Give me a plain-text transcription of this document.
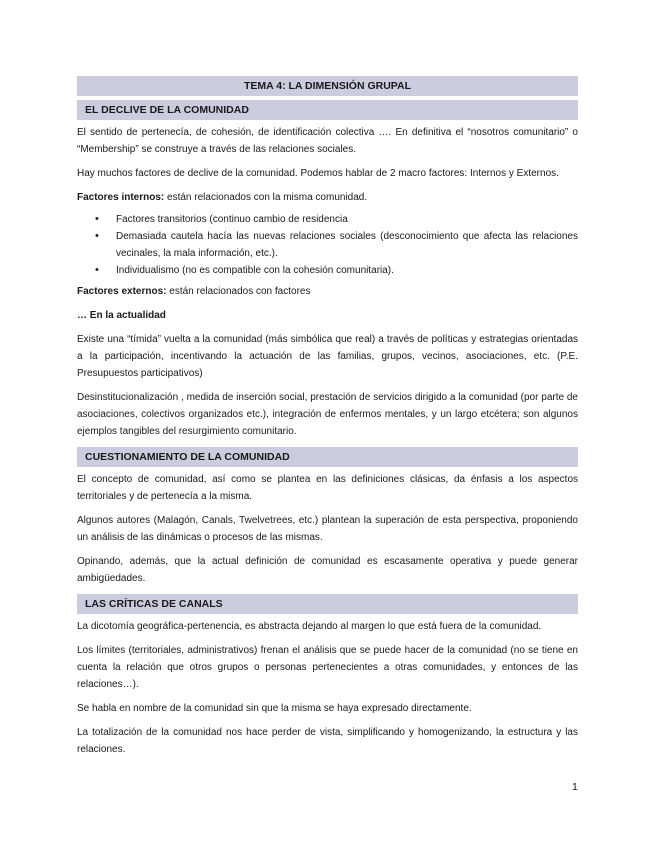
TEMA 4: LA DIMENSIÓN GRUPAL
EL DECLIVE DE LA COMUNIDAD

El sentido de pertenecía, de cohesión, de identificación colectiva …. En definitiva el “nosotros comunitario” o “Membership” se construye a través de las relaciones sociales.

Hay muchos factores de declive de la comunidad. Podemos hablar de 2 macro factores: Internos y Externos.

Factores internos: están relacionados con la misma comunidad.

• Factores transitorios (continuo cambio de residencia
• Demasiada cautela hacía las nuevas relaciones sociales (desconocimiento que afecta las relaciones vecinales, la mala información, etc.).
• Individualismo (no es compatible con la cohesión comunitaria).

Factores externos: están relacionados con factores

… En la actualidad

Existe una “tímida” vuelta a la comunidad (más simbólica que real) a través de políticas y estrategias orientadas a la participación, incentivando la actuación de las familias, grupos, vecinos, asociaciones, etc. (P.E. Presupuestos participativos)

Desinstitucionalización , medida de inserción social, prestación de servicios dirigido a la comunidad (por parte de asociaciones, colectivos organizados etc.), integración de enfermos mentales, y un largo etcétera; son algunos ejemplos tangibles del resurgimiento comunitario.

CUESTIONAMIENTO DE LA COMUNIDAD

El concepto de comunidad, así como se plantea en las definiciones clásicas, da énfasis a los aspectos territoriales y de pertenecía a la misma.

Algunos autores (Malagón, Canals, Twelvetrees, etc.) plantean la superación de esta perspectiva, proponiendo un análisis de las dinámicas o procesos de las mismas.

Opinando, además, que la actual definición de comunidad es escasamente operativa y puede generar ambigüedades.

LAS CRÍTICAS DE CANALS

La dicotomía geográfica-pertenencia, es abstracta dejando al margen lo que está fuera de la comunidad.

Los límites (territoriales, administrativos) frenan el análisis que se puede hacer de la comunidad (no se tiene en cuenta la relación que otros grupos o personas pertenecientes a otras comunidades, y entonces de las relaciones…).

Se habla en nombre de la comunidad sin que la misma se haya expresado directamente.

La totalización de la comunidad nos hace perder de vista, simplificando y homogenizando, la estructura y las relaciones.

1
